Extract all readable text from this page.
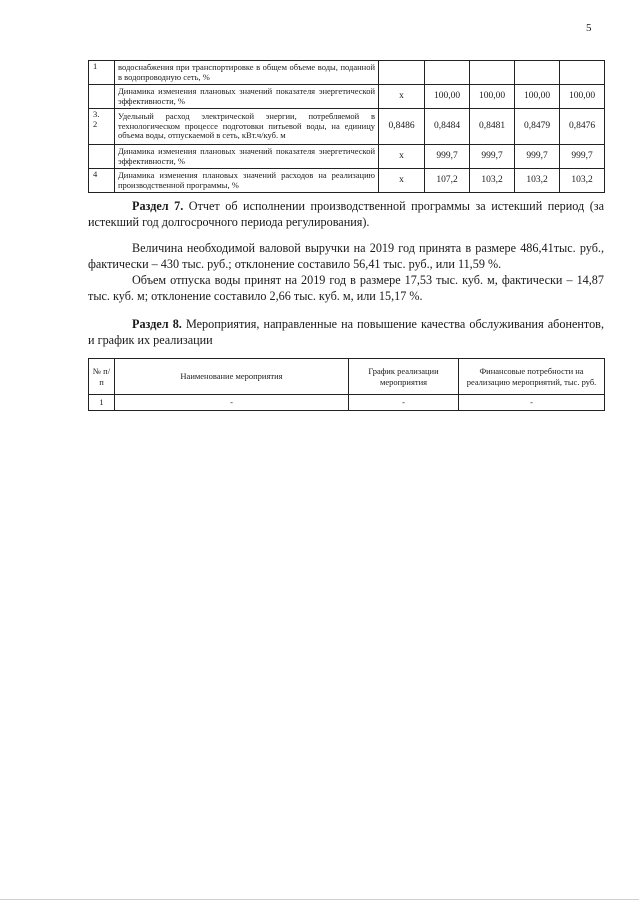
5
1	водоснабжения при транспортировке в общем объеме воды, поданной в водопроводную сеть, %					
	Динамика изменения плановых значений показателя энергетической эффективности, %	x	100,00	100,00	100,00	100,00
3.
2	Удельный расход электрической энергии, потребляемой в технологическом процессе подготовки питьевой воды, на единицу объема воды, отпускаемой в сеть, кВт.ч/куб. м	0,8486	0,8484	0,8481	0,8479	0,8476
	Динамика изменения плановых значений показателя энергетической эффективности, %	x	999,7	999,7	999,7	999,7
4	Динамика изменения плановых значений расходов на реализацию производственной программы, %	x	107,2	103,2	103,2	103,2

Раздел 7. Отчет об исполнении производственной программы за истекший период (за истекший год долгосрочного периода регулирования).

Величина необходимой валовой выручки на 2019 год принята в размере 486,41тыс. руб., фактически – 430 тыс. руб.; отклонение составило 56,41 тыс. руб., или 11,59 %.

Объем отпуска воды принят на 2019 год в размере 17,53 тыс. куб. м, фактически – 14,87 тыс. куб. м; отклонение составило 2,66 тыс. куб. м, или 15,17 %.

Раздел 8. Мероприятия, направленные на повышение качества обслуживания абонентов, и график их реализации

№ п/п	Наименование мероприятия	График реализации мероприятия	Финансовые потребности на реализацию мероприятий, тыс. руб.
1	-	-	-
